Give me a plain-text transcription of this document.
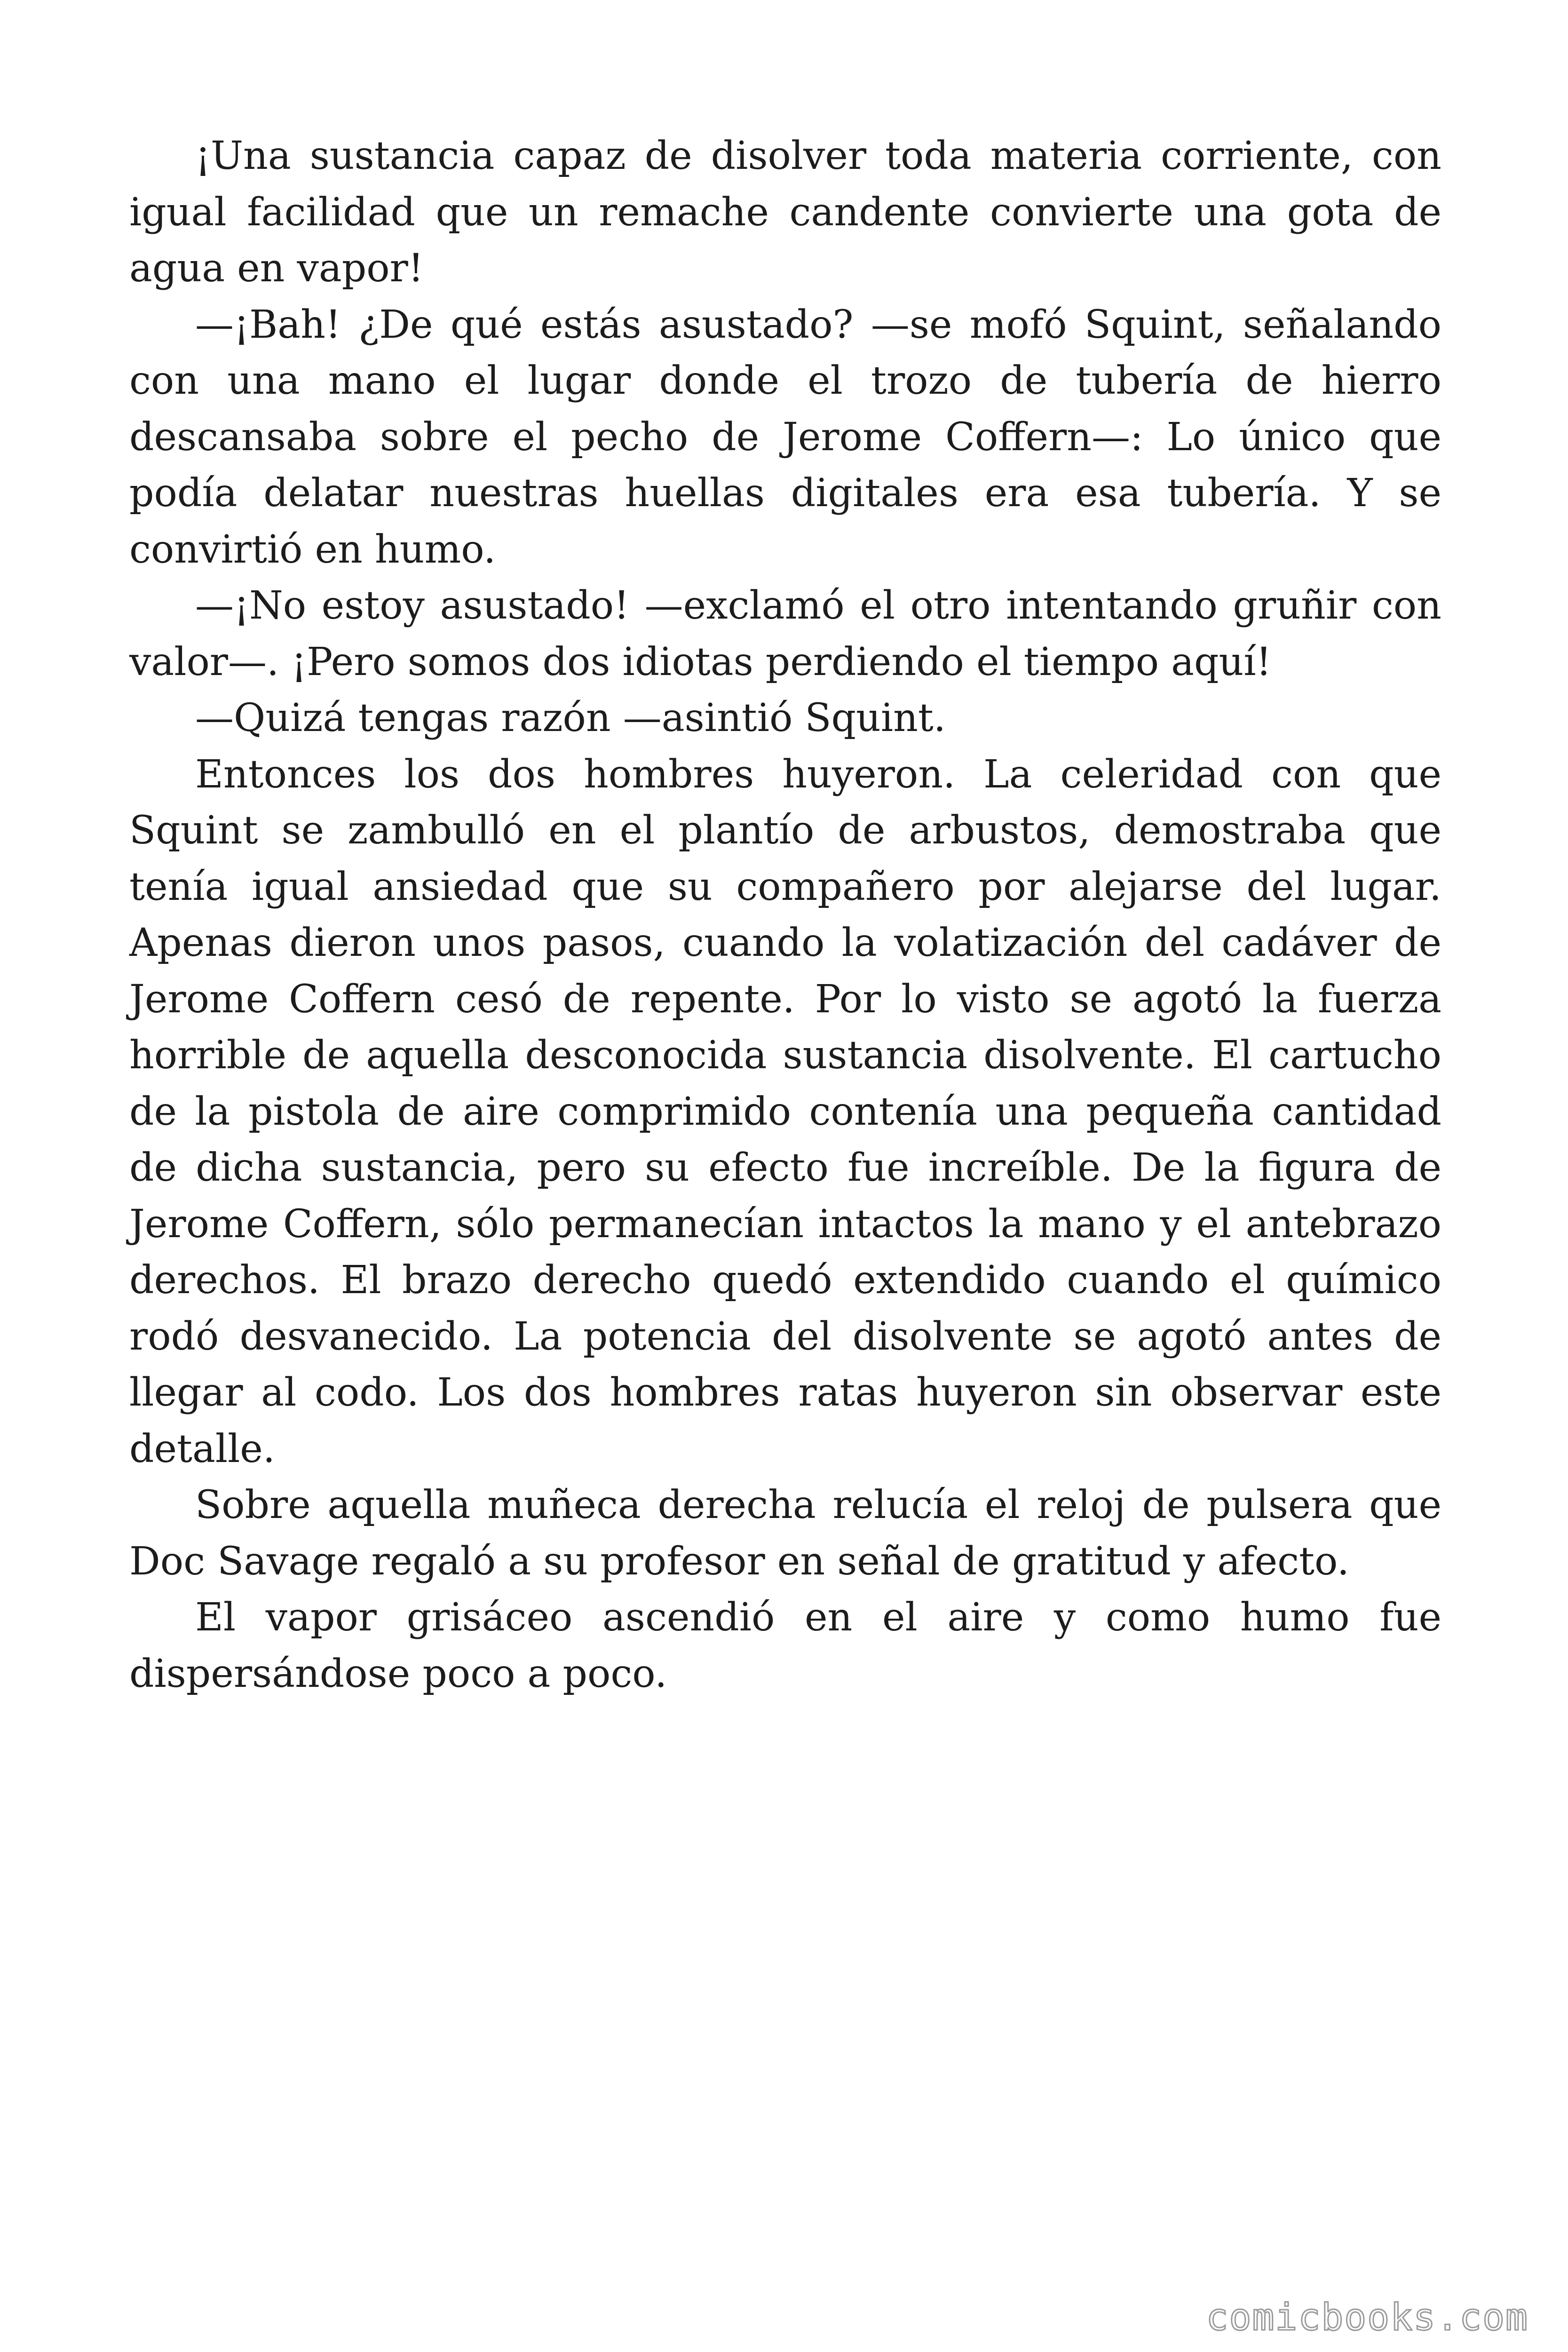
¡Una sustancia capaz de disolver toda materia corriente, con igual facilidad que un remache candente convierte una gota de agua en vapor!

—¡Bah! ¿De qué estás asustado? —se mofó Squint, señalando con una mano el lugar donde el trozo de tubería de hierro descansaba sobre el pecho de Jerome Coffern—: Lo único que podía delatar nuestras huellas digitales era esa tubería. Y se convirtió en humo.

—¡No estoy asustado! —exclamó el otro intentando gruñir con valor—. ¡Pero somos dos idiotas perdiendo el tiempo aquí!

—Quizá tengas razón —asintió Squint.

Entonces los dos hombres huyeron. La celeridad con que Squint se zambulló en el plantío de arbustos, demostraba que tenía igual ansiedad que su compañero por alejarse del lugar. Apenas dieron unos pasos, cuando la volatización del cadáver de Jerome Coffern cesó de repente. Por lo visto se agotó la fuerza horrible de aquella desconocida sustancia disolvente. El cartucho de la pistola de aire comprimido contenía una pequeña cantidad de dicha sustancia, pero su efecto fue increíble. De la figura de Jerome Coffern, sólo permanecían intactos la mano y el antebrazo derechos. El brazo derecho quedó extendido cuando el químico rodó desvanecido. La potencia del disolvente se agotó antes de llegar al codo. Los dos hombres ratas huyeron sin observar este detalle.

Sobre aquella muñeca derecha relucía el reloj de pulsera que Doc Savage regaló a su profesor en señal de gratitud y afecto.

El vapor grisáceo ascendió en el aire y como humo fue dispersándose poco a poco.

comicbooks.com
